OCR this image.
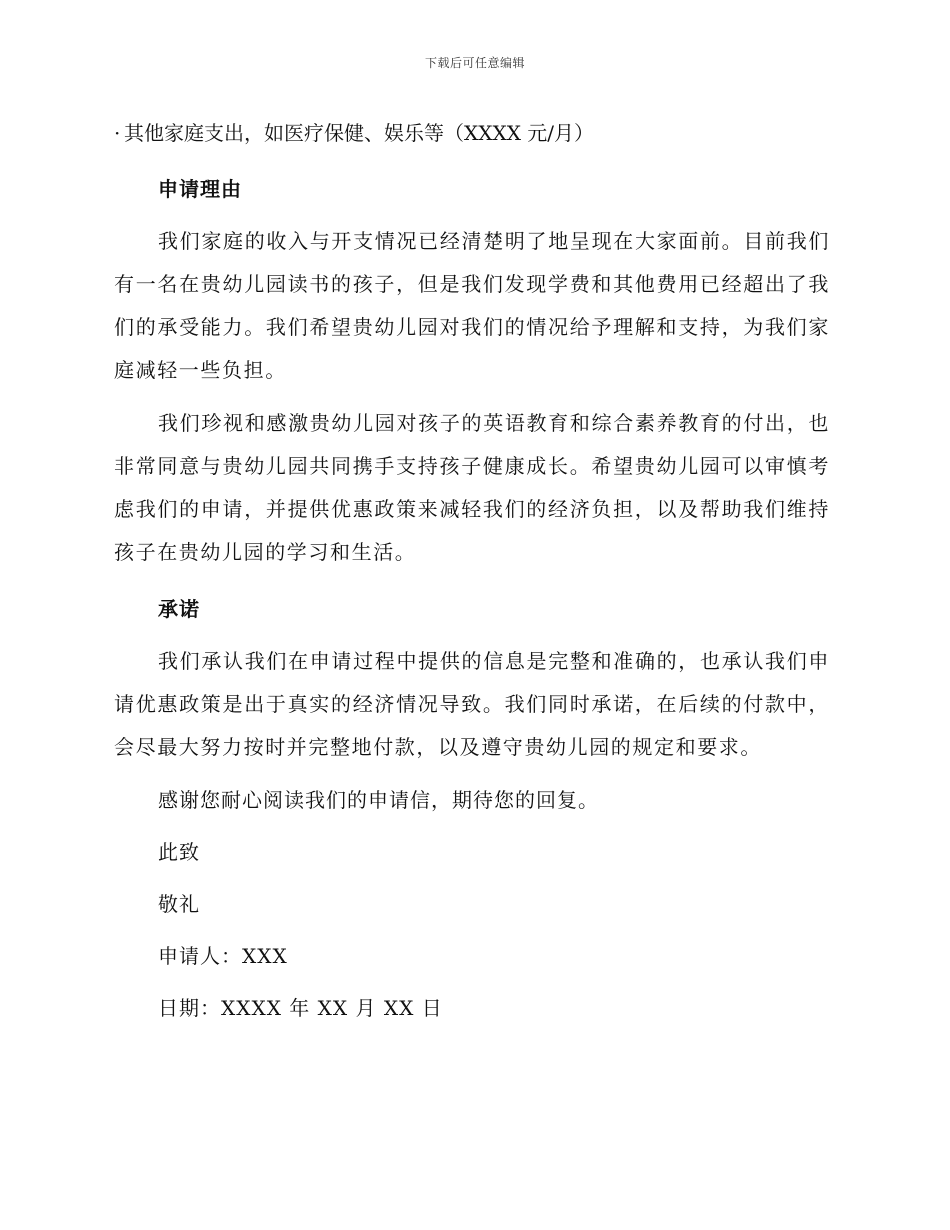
下载后可任意编辑

· 其他家庭支出，如医疗保健、娱乐等（XXXX 元/月）

申请理由

我们家庭的收入与开支情况已经清楚明了地呈现在大家面前。目前我们有一名在贵幼儿园读书的孩子，但是我们发现学费和其他费用已经超出了我们的承受能力。我们希望贵幼儿园对我们的情况给予理解和支持，为我们家庭减轻一些负担。

我们珍视和感激贵幼儿园对孩子的英语教育和综合素养教育的付出，也非常同意与贵幼儿园共同携手支持孩子健康成长。希望贵幼儿园可以审慎考虑我们的申请，并提供优惠政策来减轻我们的经济负担，以及帮助我们维持孩子在贵幼儿园的学习和生活。

承诺

我们承认我们在申请过程中提供的信息是完整和准确的，也承认我们申请优惠政策是出于真实的经济情况导致。我们同时承诺，在后续的付款中，会尽最大努力按时并完整地付款，以及遵守贵幼儿园的规定和要求。

感谢您耐心阅读我们的申请信，期待您的回复。
此致
敬礼
申请人：XXX
日期：XXXX 年 XX 月 XX 日
